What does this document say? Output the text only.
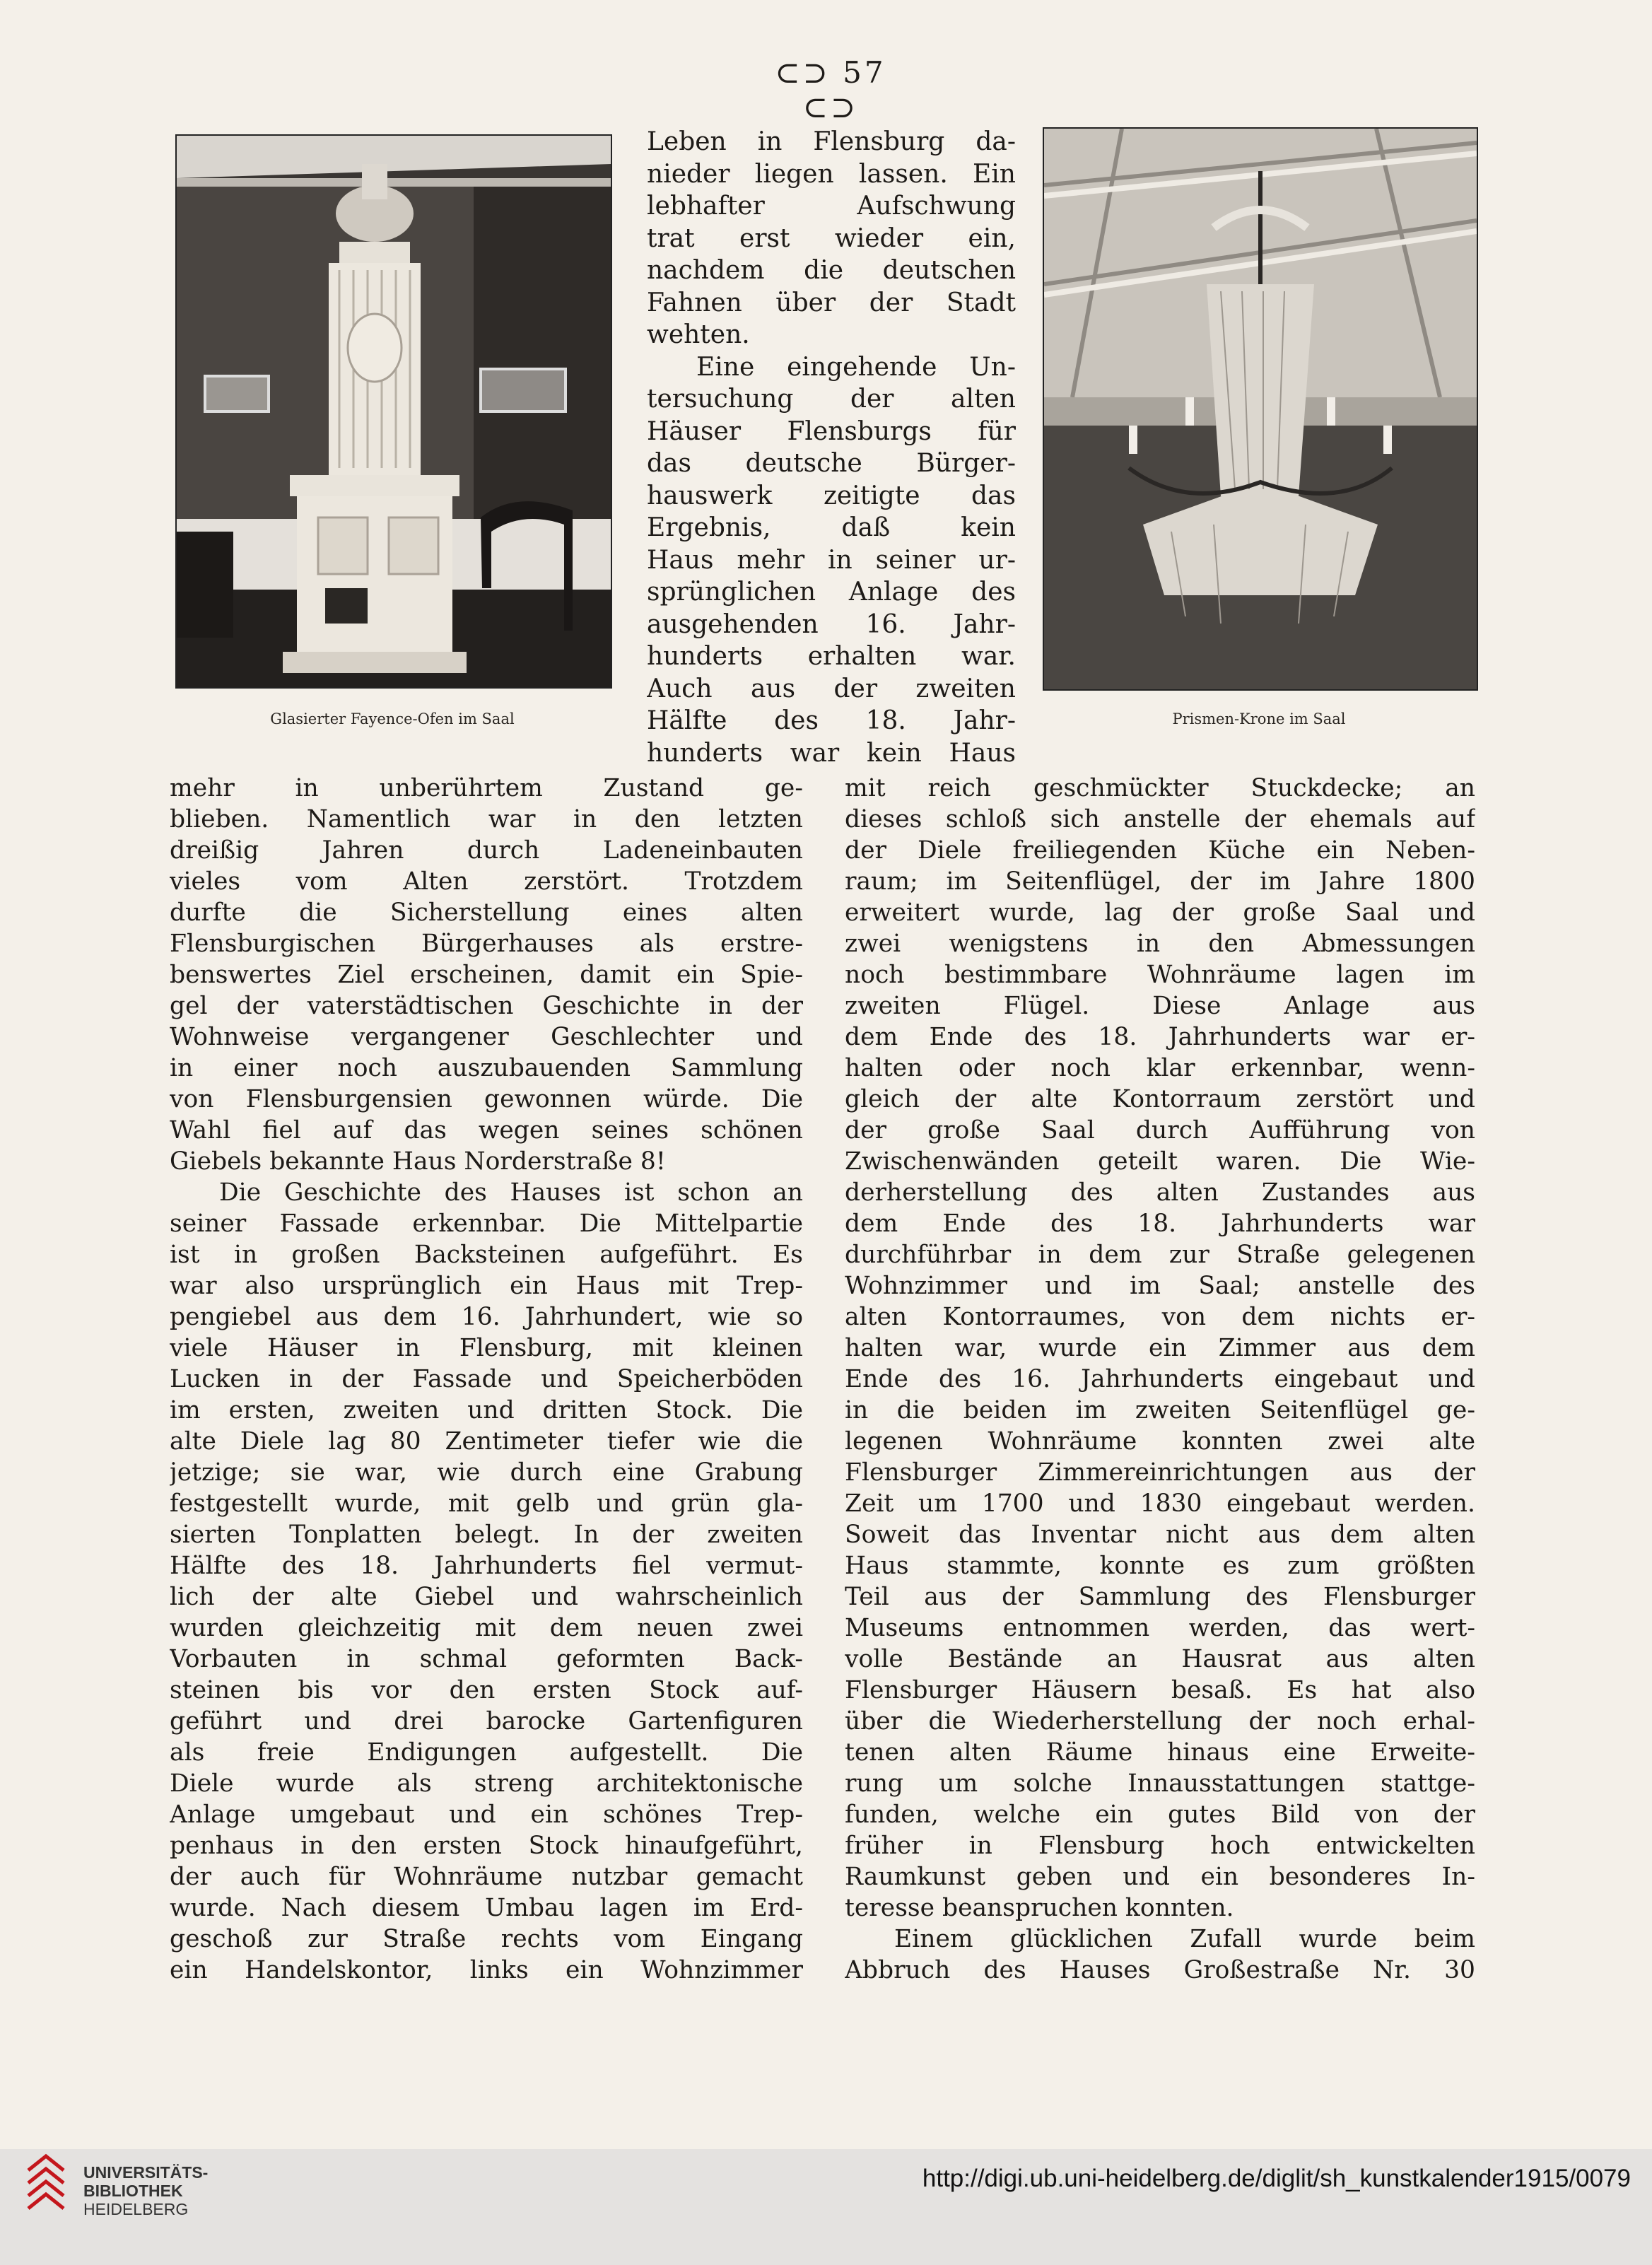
⊂⊃ 57 ⊂⊃
Glasierter Fayence-Ofen im Saal	Prismen-Krone im Saal
Leben in Flensburg da-
nieder liegen lassen. Ein
lebhafter Aufschwung
trat erst wieder ein,
nachdem die deutschen
Fahnen über der Stadt
wehten.
Eine eingehende Un-
tersuchung der alten
Häuser Flensburgs für
das deutsche Bürger-
hauswerk zeitigte das
Ergebnis, daß kein
Haus mehr in seiner ur-
sprünglichen Anlage des
ausgehenden 16. Jahr-
hunderts erhalten war.
Auch aus der zweiten
Hälfte des 18. Jahr-
hunderts war kein Haus
mehr in unberührtem Zustand ge-
blieben. Namentlich war in den letzten
dreißig Jahren durch Ladeneinbauten
vieles vom Alten zerstört. Trotzdem
durfte die Sicherstellung eines alten
Flensburgischen Bürgerhauses als erstre-
benswertes Ziel erscheinen, damit ein Spie-
gel der vaterstädtischen Geschichte in der
Wohnweise vergangener Geschlechter und
in einer noch auszubauenden Sammlung
von Flensburgensien gewonnen würde. Die
Wahl fiel auf das wegen seines schönen
Giebels bekannte Haus Norderstraße 8!
Die Geschichte des Hauses ist schon an
seiner Fassade erkennbar. Die Mittelpartie
ist in großen Backsteinen aufgeführt. Es
war also ursprünglich ein Haus mit Trep-
pengiebel aus dem 16. Jahrhundert, wie so
viele Häuser in Flensburg, mit kleinen
Lucken in der Fassade und Speicherböden
im ersten, zweiten und dritten Stock. Die
alte Diele lag 80 Zentimeter tiefer wie die
jetzige; sie war, wie durch eine Grabung
festgestellt wurde, mit gelb und grün gla-
sierten Tonplatten belegt. In der zweiten
Hälfte des 18. Jahrhunderts fiel vermut-
lich der alte Giebel und wahrscheinlich
wurden gleichzeitig mit dem neuen zwei
Vorbauten in schmal geformten Back-
steinen bis vor den ersten Stock auf-
geführt und drei barocke Gartenfiguren
als freie Endigungen aufgestellt. Die
Diele wurde als streng architektonische
Anlage umgebaut und ein schönes Trep-
penhaus in den ersten Stock hinaufgeführt,
der auch für Wohnräume nutzbar gemacht
wurde. Nach diesem Umbau lagen im Erd-
geschoß zur Straße rechts vom Eingang
ein Handelskontor, links ein Wohnzimmer
mit reich geschmückter Stuckdecke; an
dieses schloß sich anstelle der ehemals auf
der Diele freiliegenden Küche ein Neben-
raum; im Seitenflügel, der im Jahre 1800
erweitert wurde, lag der große Saal und
zwei wenigstens in den Abmessungen
noch bestimmbare Wohnräume lagen im
zweiten Flügel. Diese Anlage aus
dem Ende des 18. Jahrhunderts war er-
halten oder noch klar erkennbar, wenn-
gleich der alte Kontorraum zerstört und
der große Saal durch Aufführung von
Zwischenwänden geteilt waren. Die Wie-
derherstellung des alten Zustandes aus
dem Ende des 18. Jahrhunderts war
durchführbar in dem zur Straße gelegenen
Wohnzimmer und im Saal; anstelle des
alten Kontorraumes, von dem nichts er-
halten war, wurde ein Zimmer aus dem
Ende des 16. Jahrhunderts eingebaut und
in die beiden im zweiten Seitenflügel ge-
legenen Wohnräume konnten zwei alte
Flensburger Zimmereinrichtungen aus der
Zeit um 1700 und 1830 eingebaut werden.
Soweit das Inventar nicht aus dem alten
Haus stammte, konnte es zum größten
Teil aus der Sammlung des Flensburger
Museums entnommen werden, das wert-
volle Bestände an Hausrat aus alten
Flensburger Häusern besaß. Es hat also
über die Wiederherstellung der noch erhal-
tenen alten Räume hinaus eine Erweite-
rung um solche Innausstattungen stattge-
funden, welche ein gutes Bild von der
früher in Flensburg hoch entwickelten
Raumkunst geben und ein besonderes In-
teresse beanspruchen konnten.
Einem glücklichen Zufall wurde beim
Abbruch des Hauses Großestraße Nr. 30
UNIVERSITÄTS-
BIBLIOTHEK
HEIDELBERG
http://digi.ub.uni-heidelberg.de/diglit/sh_kunstkalender1915/0079
